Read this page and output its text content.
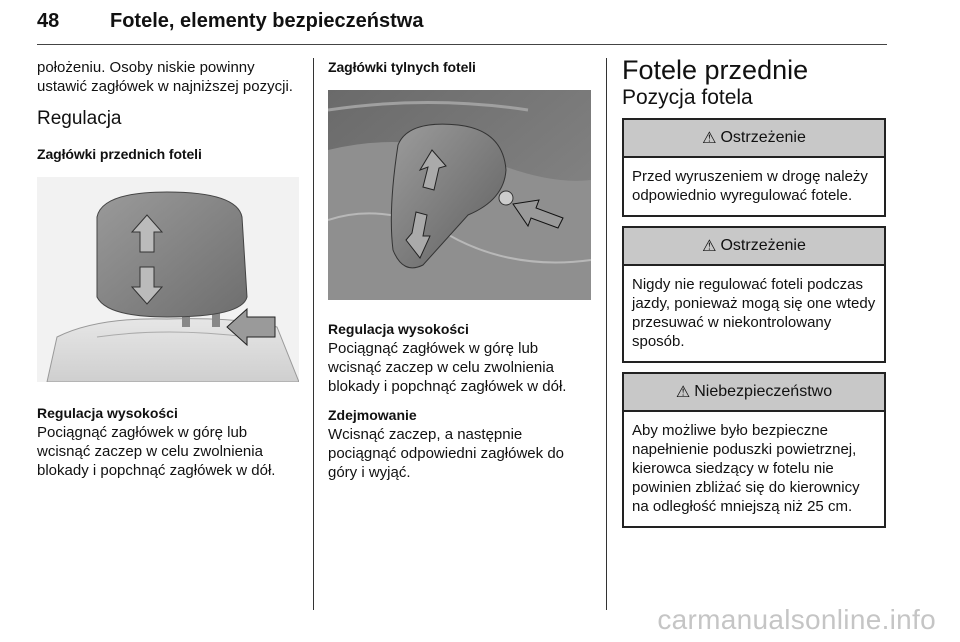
48	Fotele, elementy bezpieczeństwa

położeniu. Osoby niskie powinny ustawić zagłówek w najniższej pozycji.

Regulacja

Zagłówki przednich foteli

Regulacja wysokości

Pociągnąć zagłówek w górę lub wcisnąć zaczep w celu zwolnienia blokady i popchnąć zagłówek w dół.

Zagłówki tylnych foteli

Regulacja wysokości

Pociągnąć zagłówek w górę lub wcisnąć zaczep w celu zwolnienia blokady i popchnąć zagłówek w dół.

Zdejmowanie

Wcisnąć zaczep, a następnie pociągnąć odpowiedni zagłówek do góry i wyjąć.

Fotele przednie

Pozycja fotela

⚠ Ostrzeżenie
Przed wyruszeniem w drogę należy odpowiednio wyregulować fotele.
⚠ Ostrzeżenie
Nigdy nie regulować foteli podczas jazdy, ponieważ mogą się one wtedy przesuwać w niekontrolowany sposób.
⚠ Niebezpieczeństwo
Aby możliwe było bezpieczne napełnienie poduszki powietrznej, kierowca siedzący w fotelu nie powinien zbliżać się do kierownicy na odległość mniejszą niż 25 cm.
carmanualsonline.info
